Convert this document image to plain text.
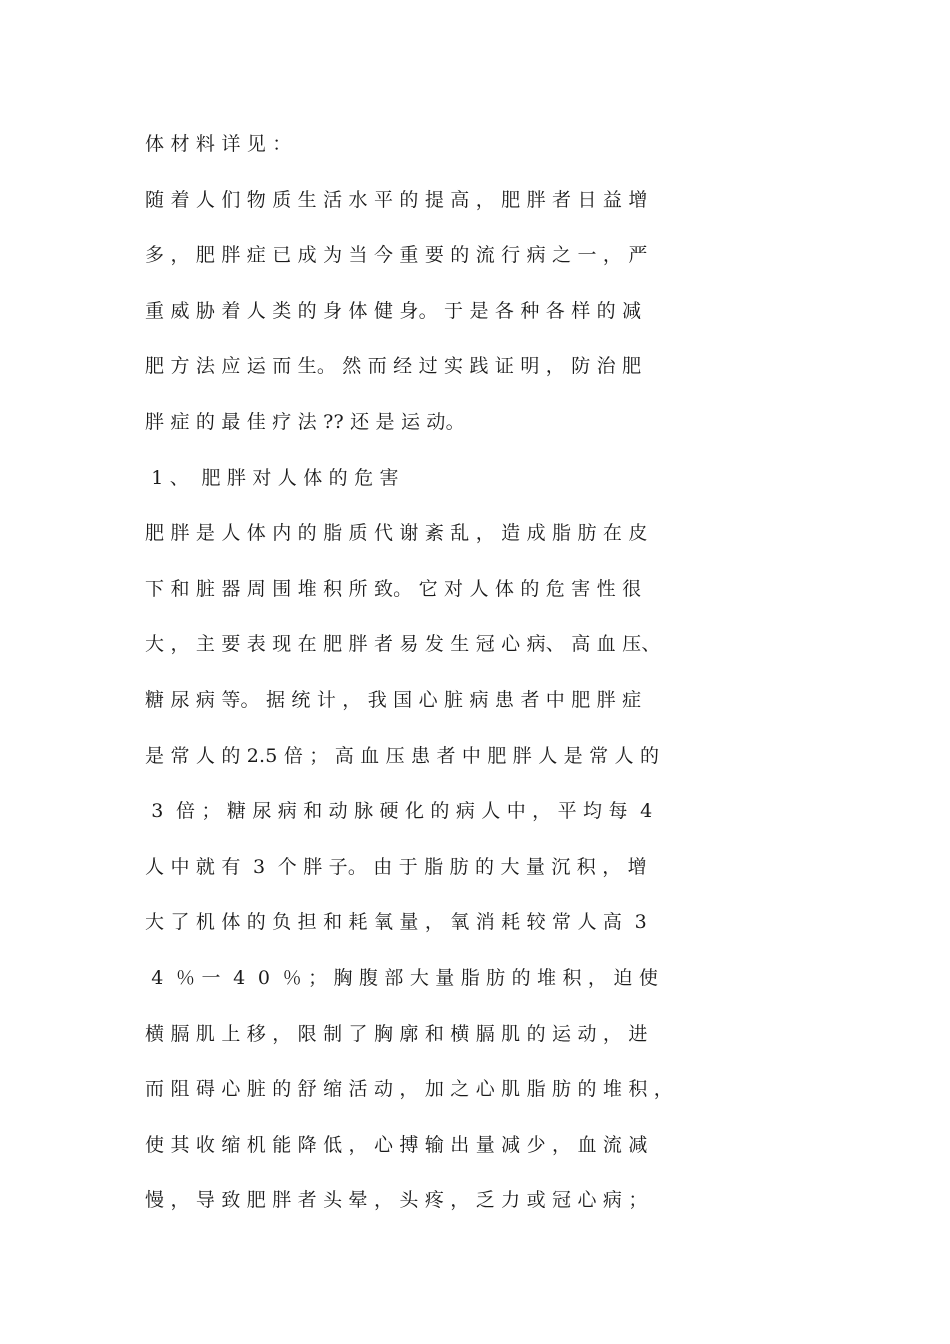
体 材 料 详 见 ：
随 着 人 们 物 质 生 活 水 平 的 提 高 ， 肥 胖 者 日 益 增
多 ， 肥 胖 症 已 成 为 当 今 重 要 的 流 行 病 之 一 ， 严
重 威 胁 着 人 类 的 身 体 健 身。 于 是 各 种 各 样 的 减
肥 方 法 应 运 而 生。 然 而 经 过 实 践 证 明 ， 防 治 肥
胖 症 的 最 佳 疗 法 ?? 还 是 运 动。
1 、  肥 胖 对 人 体 的 危 害
肥 胖 是 人 体 内 的 脂 质 代 谢 紊 乱 ， 造 成 脂 肪 在 皮
下 和 脏 器 周 围 堆 积 所 致。 它 对 人 体 的 危 害 性 很
大 ， 主 要 表 现 在 肥 胖 者 易 发 生 冠 心 病、 高 血 压、
糖 尿 病 等。 据 统 计 ， 我 国 心 脏 病 患 者 中 肥 胖 症
是 常 人 的 2.5 倍 ； 高 血 压 患 者 中 肥 胖 人 是 常 人 的
3  倍 ； 糖 尿 病 和 动 脉 硬 化 的 病 人 中 ， 平 均 每  4
人 中 就 有  3  个 胖 子。 由 于 脂 肪 的 大 量 沉 积 ， 增
大 了 机 体 的 负 担 和 耗 氧 量 ， 氧 消 耗 较 常 人 高  3
4  ％ 一  4  0  ％ ； 胸 腹 部 大 量 脂 肪 的 堆 积 ， 迫 使
横 膈 肌 上 移 ， 限 制 了 胸 廓 和 横 膈 肌 的 运 动 ， 进
而 阻 碍 心 脏 的 舒 缩 活 动 ， 加 之 心 肌 脂 肪 的 堆 积 ，
使 其 收 缩 机 能 降 低 ， 心 搏 输 出 量 减 少 ， 血 流 减
慢 ， 导 致 肥 胖 者 头 晕 ， 头 疼 ， 乏 力 或 冠 心 病 ；
